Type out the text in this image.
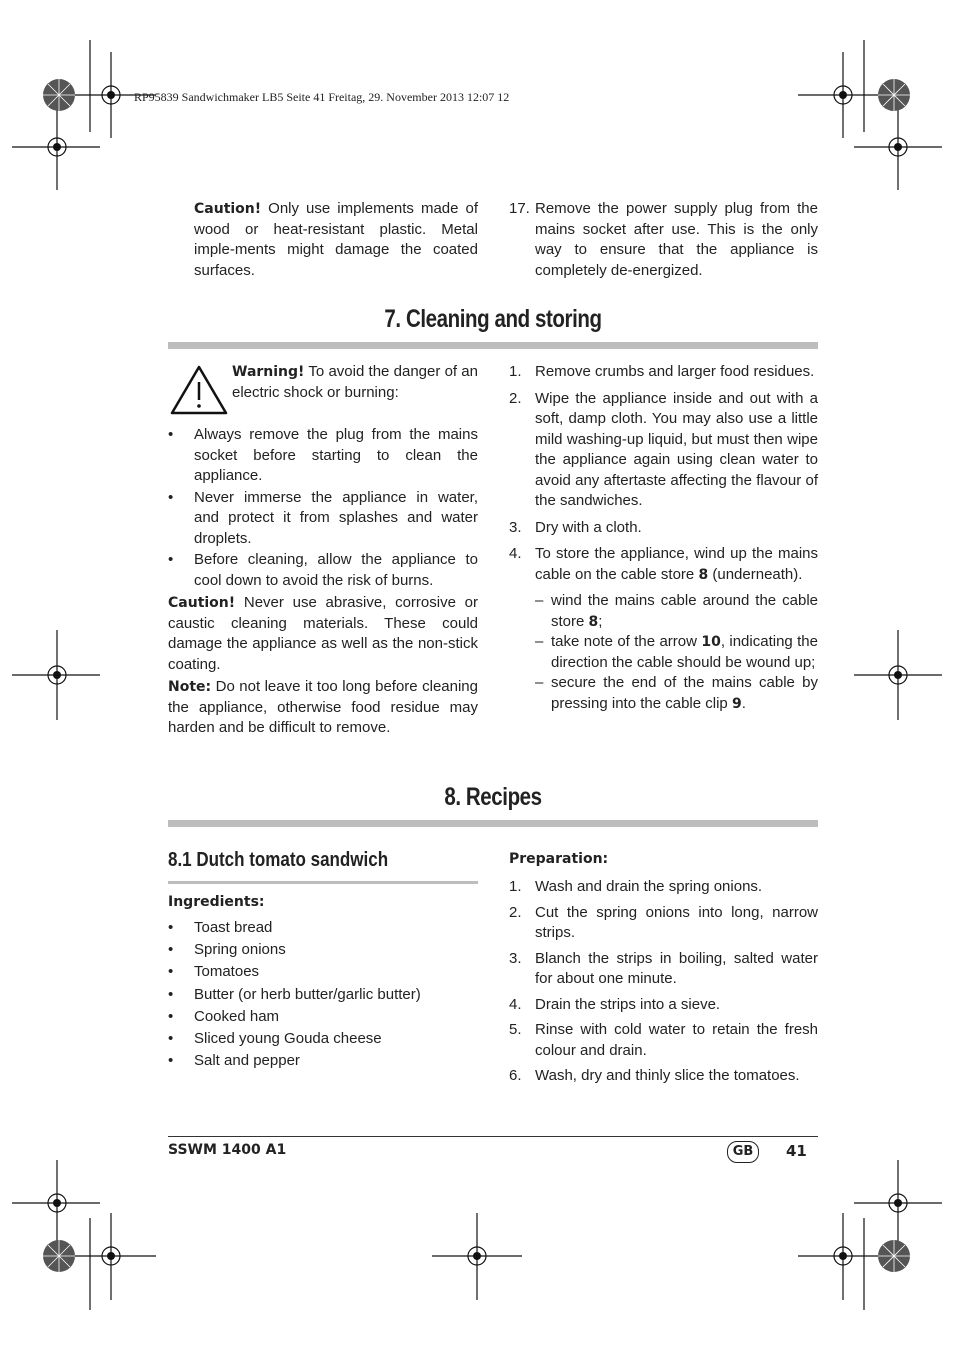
RP95839 Sandwichmaker LB5 Seite 41 Freitag, 29. November 2013 12:07 12
Caution! Only use implements made of wood or heat-resistant plastic. Metal imple-ments might damage the coated surfaces.
17. Remove the power supply plug from the mains socket after use. This is the only way to ensure that the appliance is completely de-energized.
7. Cleaning and storing
Warning! To avoid the danger of an electric shock or burning:
• Always remove the plug from the mains socket before starting to clean the appliance.
• Never immerse the appliance in water, and protect it from splashes and water droplets.
• Before cleaning, allow the appliance to cool down to avoid the risk of burns.
Caution! Never use abrasive, corrosive or caustic cleaning materials. These could damage the appliance as well as the non-stick coating.
Note: Do not leave it too long before cleaning the appliance, otherwise food residue may harden and be difficult to remove.
1. Remove crumbs and larger food residues.
2. Wipe the appliance inside and out with a soft, damp cloth. You may also use a little mild washing-up liquid, but must then wipe the appliance again using clean water to avoid any aftertaste affecting the flavour of the sandwiches.
3. Dry with a cloth.
4. To store the appliance, wind up the mains cable on the cable store 8 (underneath).
– wind the mains cable around the cable store 8;
– take note of the arrow 10, indicating the direction the cable should be wound up;
– secure the end of the mains cable by pressing into the cable clip 9.
8. Recipes
8.1 Dutch tomato sandwich
Ingredients:
• Toast bread
• Spring onions
• Tomatoes
• Butter (or herb butter/garlic butter)
• Cooked ham
• Sliced young Gouda cheese
• Salt and pepper
Preparation:
1. Wash and drain the spring onions.
2. Cut the spring onions into long, narrow strips.
3. Blanch the strips in boiling, salted water for about one minute.
4. Drain the strips into a sieve.
5. Rinse with cold water to retain the fresh colour and drain.
6. Wash, dry and thinly slice the tomatoes.
SSWM 1400 A1	GB	41
